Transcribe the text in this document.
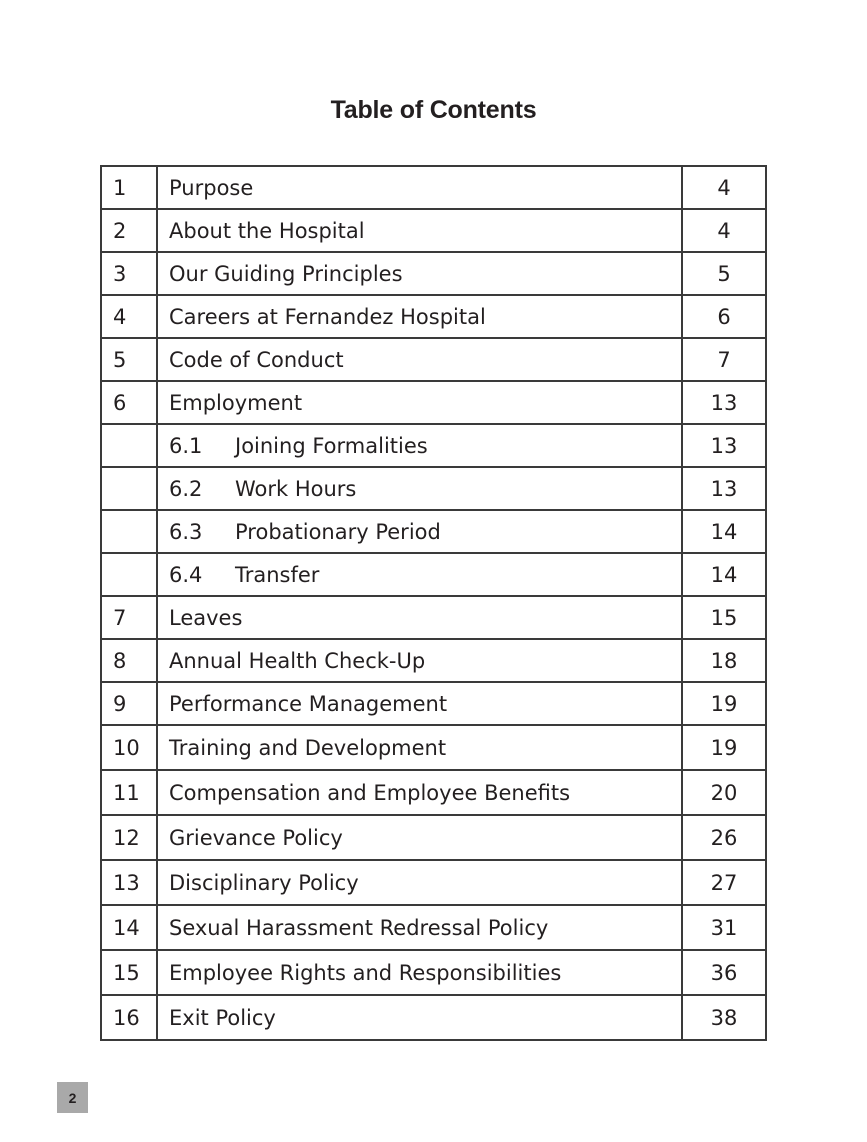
Table of Contents
1	Purpose	4
2	About the Hospital	4
3	Our Guiding Principles	5
4	Careers at Fernandez Hospital	6
5	Code of Conduct	7
6	Employment	13
	6.1 Joining Formalities	13
	6.2 Work Hours	13
	6.3 Probationary Period	14
	6.4 Transfer	14
7	Leaves	15
8	Annual Health Check-Up	18
9	Performance Management	19
10	Training and Development	19
11	Compensation and Employee Benefits	20
12	Grievance Policy	26
13	Disciplinary Policy	27
14	Sexual Harassment Redressal Policy	31
15	Employee Rights and Responsibilities	36
16	Exit Policy	38
2
